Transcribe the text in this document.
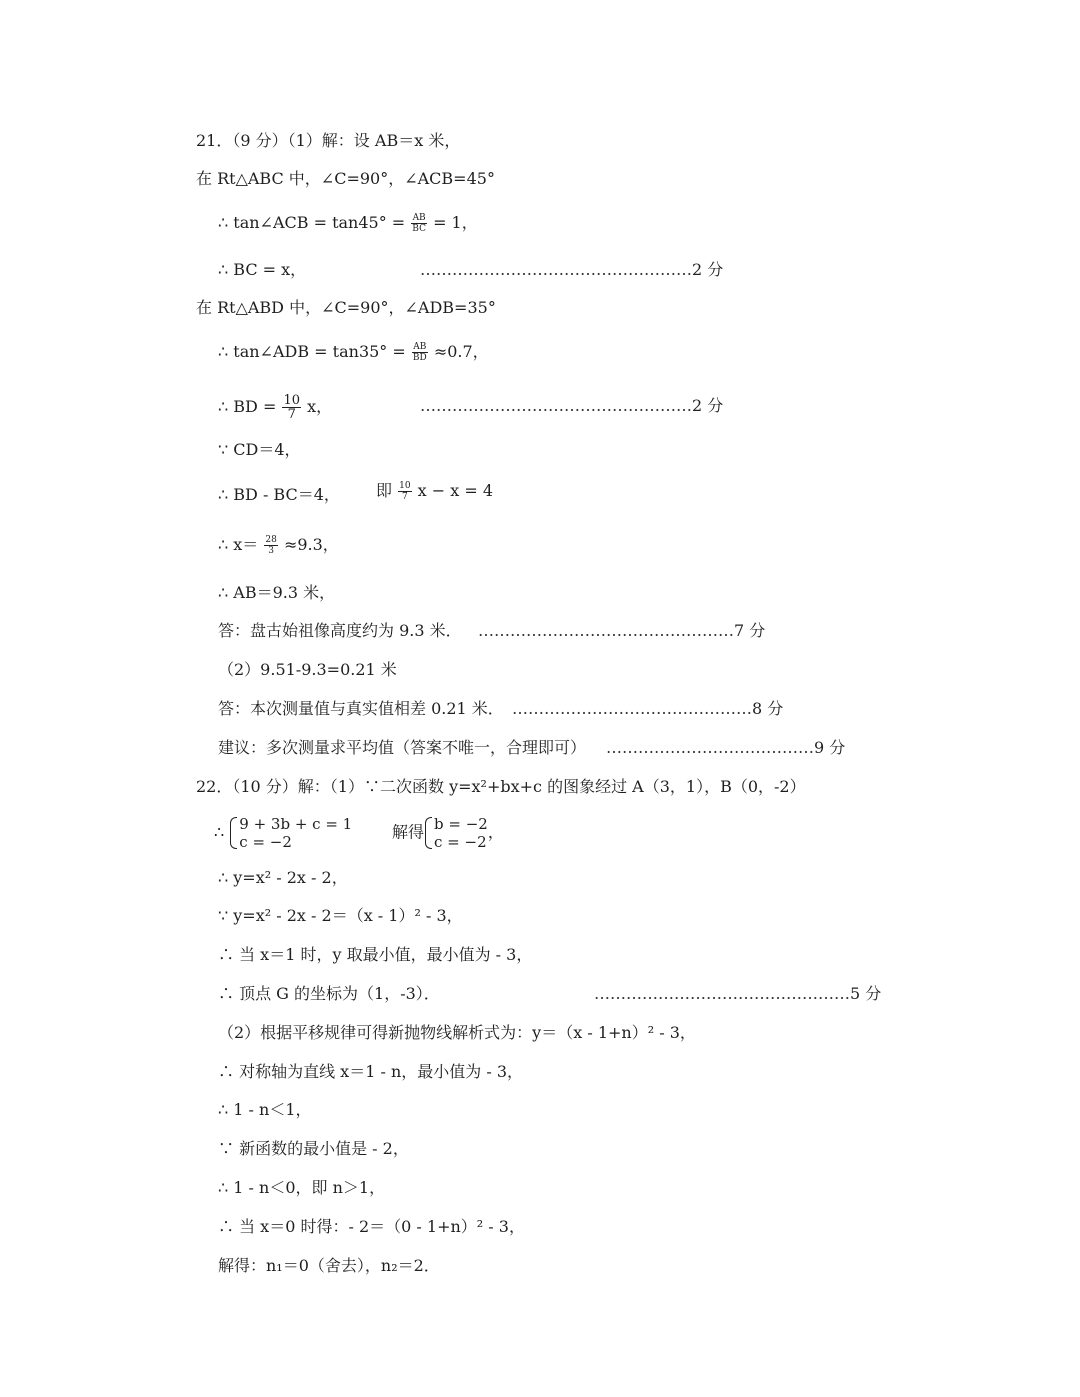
21．（9 分）（1）解：设 AB＝x 米，
在 Rt△ABC 中，∠C=90°，∠ACB=45°
∴ tan∠ACB = $\tan 45^\circ = \frac{AB}{BC} = 1$，
∴ BC = x，	……………………………………………2 分
在 Rt△ABD 中，∠C=90°，∠ADB=35°
∴ tan∠ADB = $\tan 35^\circ = \frac{AB}{BD} \approx 0.7$，
∴ BD = $\frac{10}{7}$ x，	……………………………………………2 分
∵ CD＝4，
∴ BD - BC＝4， 即 $\frac{10}{7}$ x − x = 4
∴ $x= \frac{28}{3} \approx 9.3$，
∴ AB＝9.3 米，
答：盘古始祖像高度约为 9.3 米． …………………………………………7 分
（2）9.51-9.3=0.21 米
答：本次测量值与真实值相差 0.21 米． ………………………………………8 分
建议：多次测量求平均值（答案不唯一，合理即可） …………………………………9 分
22．（10 分）解：（1）∵二次函数 y=x²+bx+c 的图象经过 A（3，1），B（0，-2）
∴ 9 + 3b + c = 1
c = −2
解得 b = −2
c = −2
，
∴ y=x² - 2x - 2，
∵ y=x² - 2x - 2＝（x - 1）² - 3，
∴ 当 x＝1 时，y 取最小值，最小值为 - 3，
∴ 顶点 G 的坐标为（1，-3）．	…………………………………………5 分
（2）根据平移规律可得新抛物线解析式为：y＝（x - 1+n）² - 3，
∴ 对称轴为直线 x＝1 - n，最小值为 - 3，
∴ 1 - n＜1，
∵ 新函数的最小值是 - 2，
∴ 1 - n＜0，即 n＞1，
∴ 当 x＝0 时得：- 2＝（0 - 1+n）² - 3，
解得：n₁＝0（舍去），n₂＝2．
